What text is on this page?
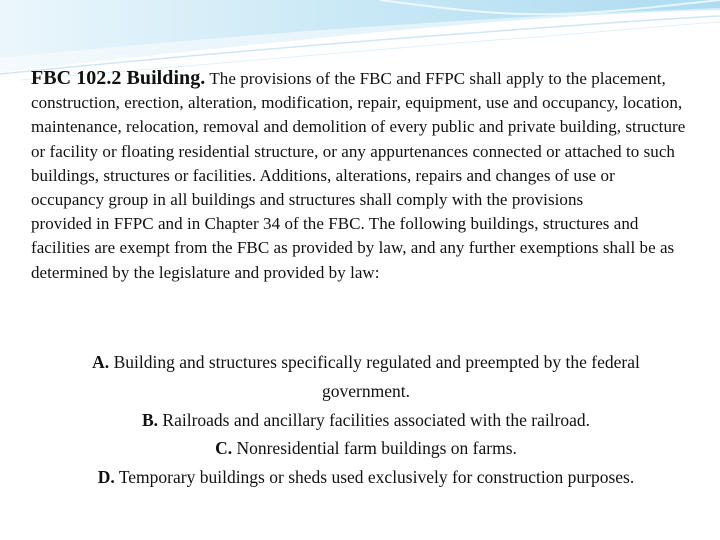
FBC 102.2 Building. The provisions of the FBC and FFPC shall apply to the placement, construction, erection, alteration, modification, repair, equipment, use and occupancy, location, maintenance, relocation, removal and demolition of every public and private building, structure or facility or floating residential structure, or any appurtenances connected or attached to such buildings, structures or facilities. Additions, alterations, repairs and changes of use or occupancy group in all buildings and structures shall comply with the provisions

provided in FFPC and in Chapter 34 of the FBC. The following buildings, structures and facilities are exempt from the FBC as provided by law, and any further exemptions shall be as determined by the legislature and provided by law:

A. Building and structures specifically regulated and preempted by the federal government.

B. Railroads and ancillary facilities associated with the railroad.

C. Nonresidential farm buildings on farms.

D. Temporary buildings or sheds used exclusively for construction purposes.
